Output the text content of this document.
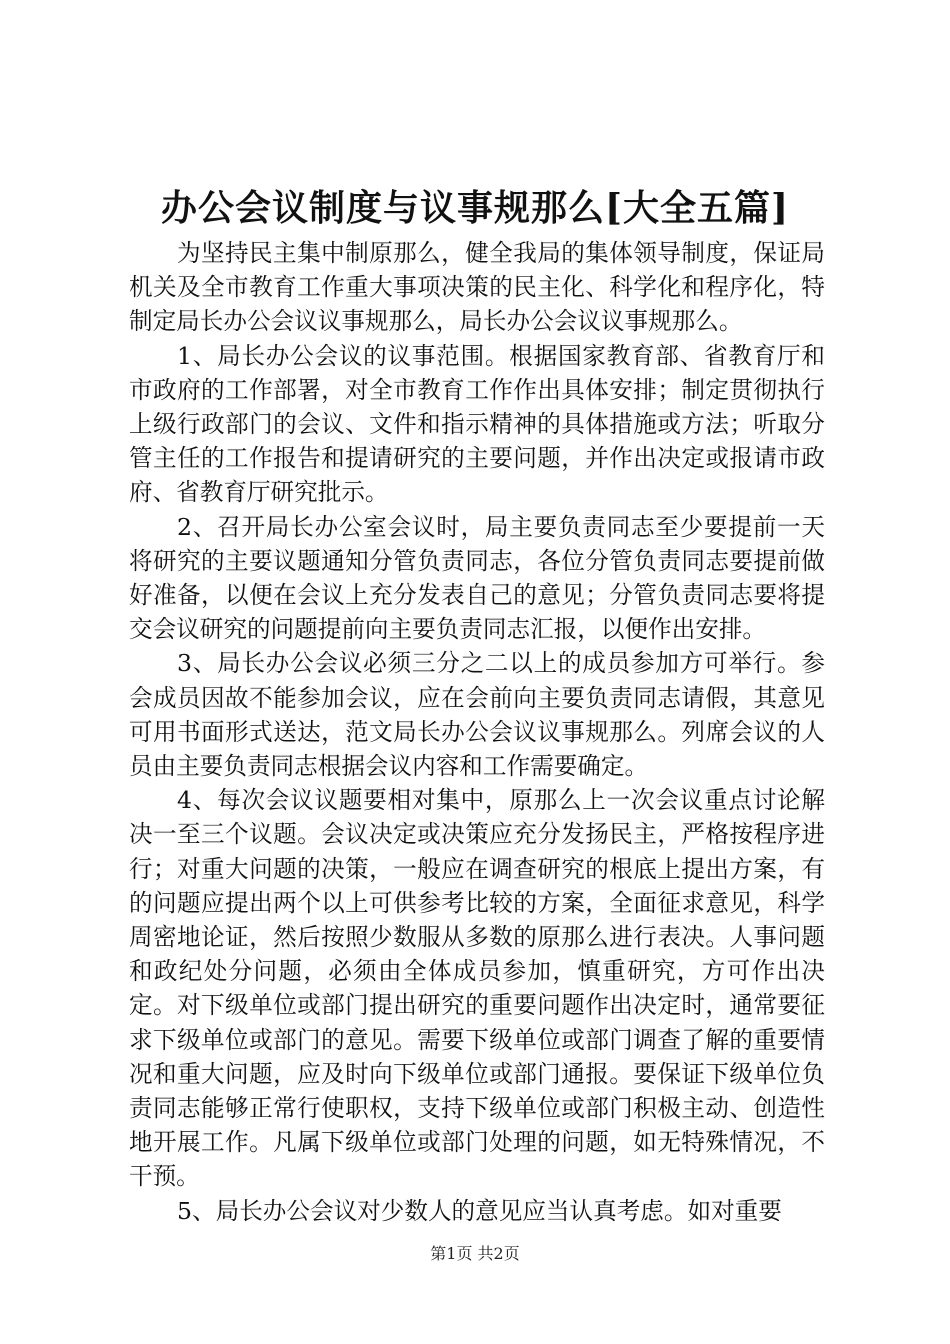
办公会议制度与议事规那么[大全五篇]

为坚持民主集中制原那么，健全我局的集体领导制度，保证局机关及全市教育工作重大事项决策的民主化、科学化和程序化，特制定局长办公会议议事规那么，局长办公会议议事规那么。

1、局长办公会议的议事范围。根据国家教育部、省教育厅和市政府的工作部署，对全市教育工作作出具体安排；制定贯彻执行上级行政部门的会议、文件和指示精神的具体措施或方法；听取分管主任的工作报告和提请研究的主要问题，并作出决定或报请市政府、省教育厅研究批示。

2、召开局长办公室会议时，局主要负责同志至少要提前一天将研究的主要议题通知分管负责同志，各位分管负责同志要提前做好准备，以便在会议上充分发表自己的意见；分管负责同志要将提交会议研究的问题提前向主要负责同志汇报，以便作出安排。

3、局长办公会议必须三分之二以上的成员参加方可举行。参会成员因故不能参加会议，应在会前向主要负责同志请假，其意见可用书面形式送达，范文局长办公会议议事规那么。列席会议的人员由主要负责同志根据会议内容和工作需要确定。

4、每次会议议题要相对集中，原那么上一次会议重点讨论解决一至三个议题。会议决定或决策应充分发扬民主，严格按程序进行；对重大问题的决策，一般应在调查研究的根底上提出方案，有的问题应提出两个以上可供参考比较的方案，全面征求意见，科学周密地论证，然后按照少数服从多数的原那么进行表决。人事问题和政纪处分问题，必须由全体成员参加，慎重研究，方可作出决定。对下级单位或部门提出研究的重要问题作出决定时，通常要征求下级单位或部门的意见。需要下级单位或部门调查了解的重要情况和重大问题，应及时向下级单位或部门通报。要保证下级单位负责同志能够正常行使职权，支持下级单位或部门积极主动、创造性地开展工作。凡属下级单位或部门处理的问题，如无特殊情况，不干预。

5、局长办公会议对少数人的意见应当认真考虑。如对重要

第1页 共2页
